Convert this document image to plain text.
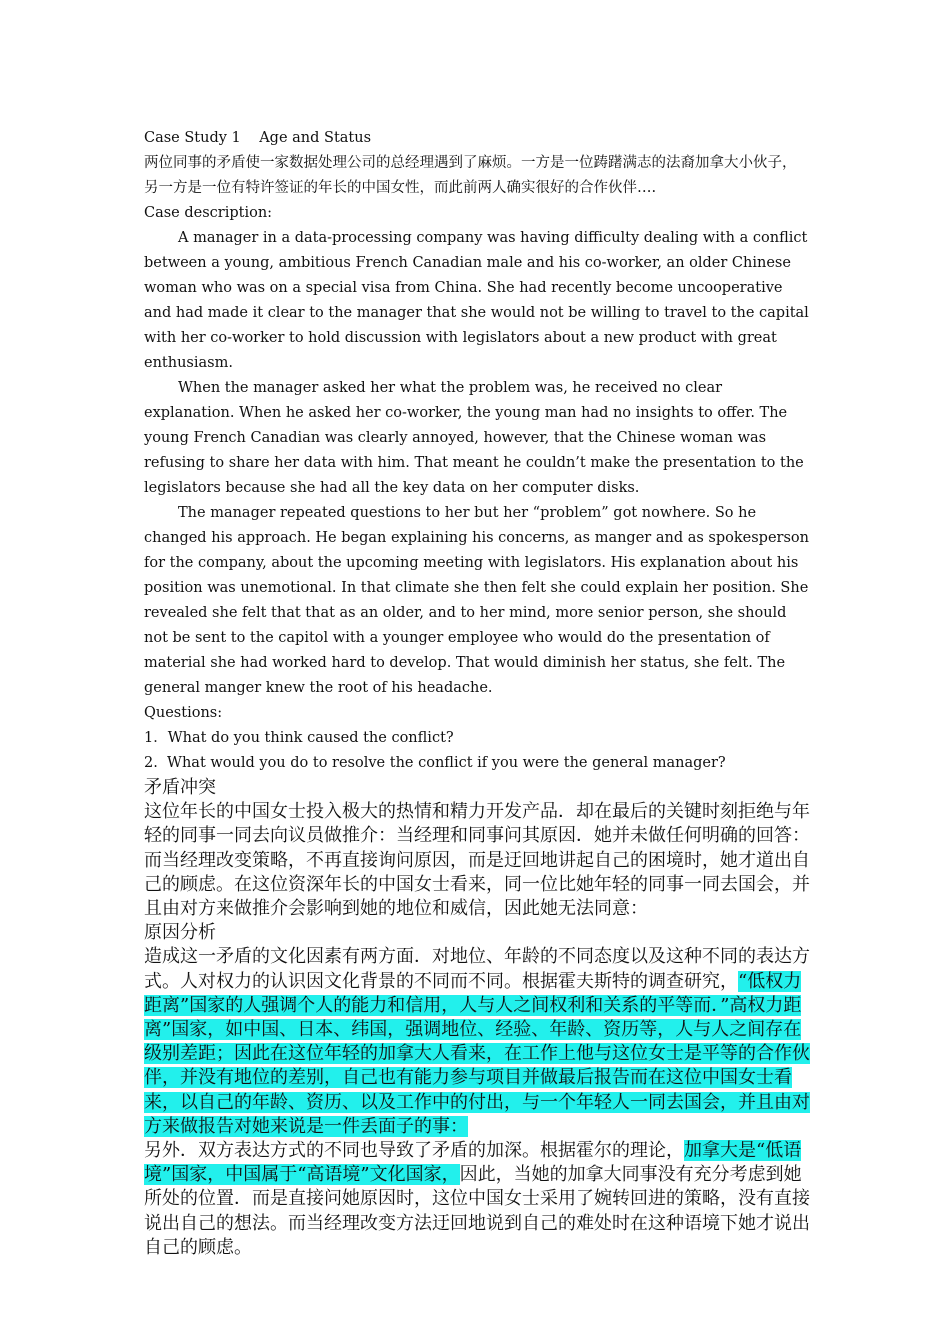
Case Study 1    Age and Status
两位同事的矛盾使一家数据处理公司的总经理遇到了麻烦。一方是一位踌躇满志的法裔加拿大小伙子，
另一方是一位有特许签证的年长的中国女性，而此前两人确实很好的合作伙伴….
Case description:

A manager in a data-processing company was having difficulty dealing with a conflict between a young, ambitious French Canadian male and his co-worker, an older Chinese woman who was on a special visa from China. She had recently become uncooperative and had made it clear to the manager that she would not be willing to travel to the capital with her co-worker to hold discussion with legislators about a new product with great enthusiasm.

When the manager asked her what the problem was, he received no clear explanation. When he asked her co-worker, the young man had no insights to offer. The young French Canadian was clearly annoyed, however, that the Chinese woman was refusing to share her data with him. That meant he couldn’t make the presentation to the legislators because she had all the key data on her computer disks.

The manager repeated questions to her but her “problem” got nowhere. So he changed his approach. He began explaining his concerns, as manger and as spokesperson for the company, about the upcoming meeting with legislators. His explanation about his position was unemotional. In that climate she then felt she could explain her position. She revealed she felt that that as an older, and to her mind, more senior person, she should not be sent to the capitol with a younger employee who would do the presentation of material she had worked hard to develop. That would diminish her status, she felt. The general manger knew the root of his headache.

Questions:
1．What do you think caused the conflict?
2.  What would you do to resolve the conflict if you were the general manager?
矛盾冲突

这位年长的中国女士投入极大的热情和精力开发产品．却在最后的关键时刻拒绝与年轻的同事一同去向议员做推介：当经理和同事问其原因．她并未做任何明确的回答：而当经理改变策略，不再直接询问原因，而是迂回地讲起自己的困境时，她才道出自己的顾虑。在这位资深年长的中国女士看来，同一位比她年轻的同事一同去国会，并且由对方来做推介会影响到她的地位和威信，因此她无法同意：

原因分析

造成这一矛盾的文化因素有两方面．对地位、年龄的不同态度以及这种不同的表达方式。人对权力的认识因文化背景的不同而不同。根据霍夫斯特的调查研究，“低权力距离”国家的人强调个人的能力和信用，人与人之间权利和关系的平等而．”高权力距离”国家，如中国、日本、纬国，强调地位、经验、年龄、资历等，人与人之间存在级别差距；因此在这位年轻的加拿大人看来，在工作上他与这位女士是平等的合作伙伴，并没有地位的差别，自己也有能力参与项目并做最后报告而在这位中国女士看来，以自己的年龄、资历、以及工作中的付出，与一个年轻人一同去国会，并且由对方来做报告对她来说是一件丢面子的事：

另外．双方表达方式的不同也导致了矛盾的加深。根据霍尔的理论，加拿大是“低语境”国家，中国属于“高语境”文化国家，因此，当她的加拿大同事没有充分考虑到她所处的位置．而是直接问她原因时，这位中国女士采用了婉转回进的策略，没有直接说出自己的想法。而当经理改变方法迂回地说到自己的难处时在这种语境下她才说出自己的顾虑。
